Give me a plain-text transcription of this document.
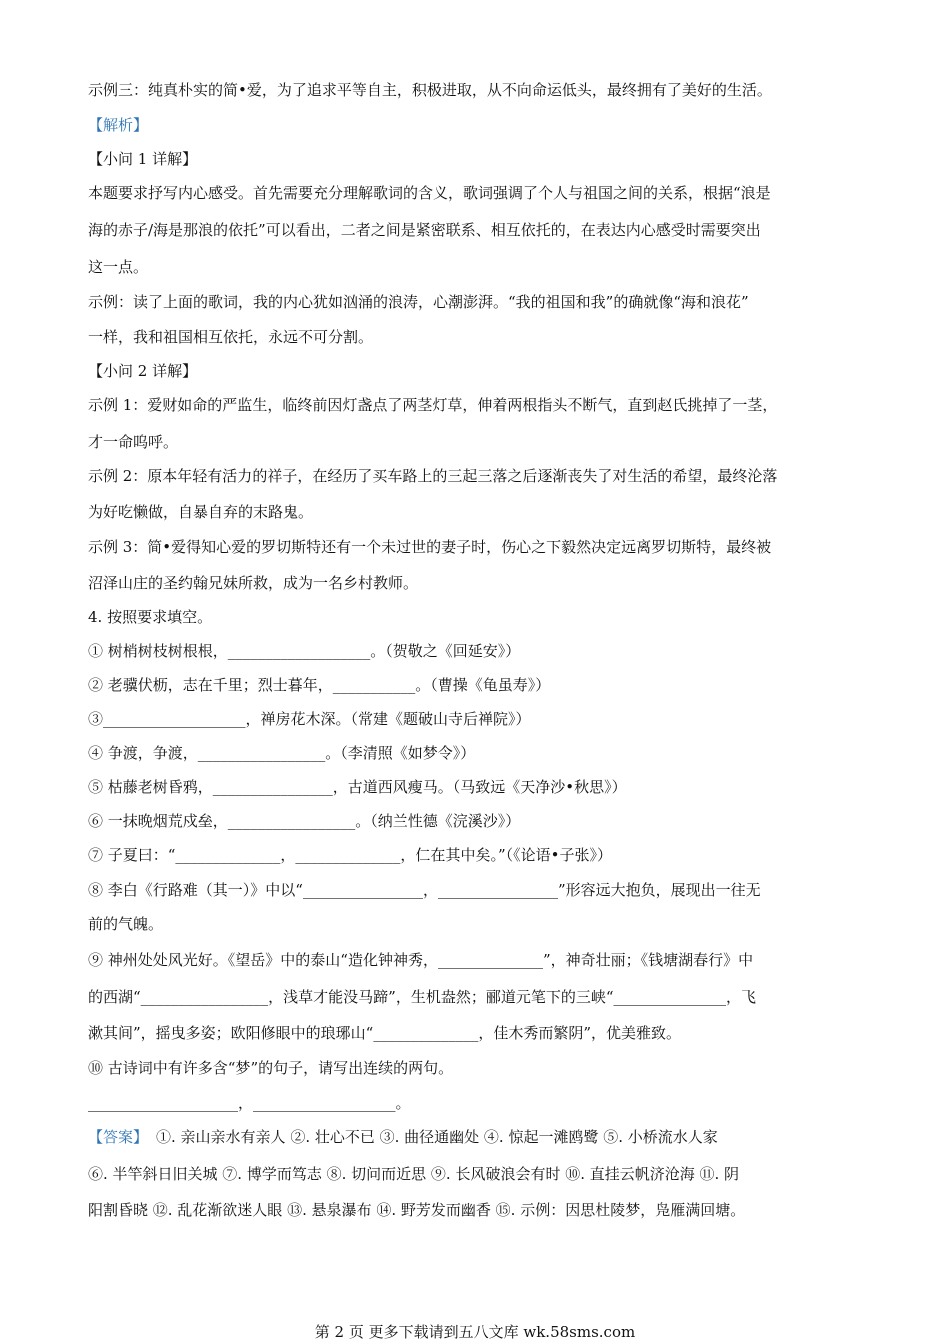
示例三：纯真朴实的简•爱，为了追求平等自主，积极进取，从不向命运低头，最终拥有了美好的生活。
【解析】
【小问 1 详解】
本题要求抒写内心感受。首先需要充分理解歌词的含义，歌词强调了个人与祖国之间的关系，根据“浪是
海的赤子/海是那浪的依托”可以看出，二者之间是紧密联系、相互依托的，在表达内心感受时需要突出
这一点。
示例：读了上面的歌词，我的内心犹如汹涌的浪涛，心潮澎湃。“我的祖国和我”的确就像“海和浪花”
一样，我和祖国相互依托，永远不可分割。
【小问 2 详解】
示例 1：爱财如命的严监生，临终前因灯盏点了两茎灯草，伸着两根指头不断气，直到赵氏挑掉了一茎，
才一命呜呼。
示例 2：原本年轻有活力的祥子，在经历了买车路上的三起三落之后逐渐丧失了对生活的希望，最终沦落
为好吃懒做，自暴自弃的末路鬼。
示例 3：简•爱得知心爱的罗切斯特还有一个未过世的妻子时，伤心之下毅然决定远离罗切斯特，最终被
沼泽山庄的圣约翰兄妹所救，成为一名乡村教师。
4. 按照要求填空。
① 树梢树枝树根根，___________________。（贺敬之《回延安》）
② 老骥伏枥，志在千里；烈士暮年，___________。（曹操《龟虽寿》）
③___________________，禅房花木深。（常建《题破山寺后禅院》）
④ 争渡，争渡，_________________。（李清照《如梦令》）
⑤ 枯藤老树昏鸦，________________，古道西风瘦马。（马致远《天净沙•秋思》）
⑥ 一抹晚烟荒戍垒，_________________。（纳兰性德《浣溪沙》）
⑦ 子夏曰：“______________，______________，仁在其中矣。”（《论语•子张》）
⑧ 李白《行路难（其一）》中以“________________，________________”形容远大抱负，展现出一往无
前的气魄。
⑨ 神州处处风光好。《望岳》中的泰山“造化钟神秀，______________”，神奇壮丽；《钱塘湖春行》中
的西湖“_________________，浅草才能没马蹄”，生机盎然；郦道元笔下的三峡“_______________，飞
漱其间”，摇曳多姿；欧阳修眼中的琅琊山“______________，佳木秀而繁阴”，优美雅致。
⑩ 古诗词中有许多含“梦”的句子，请写出连续的两句。
____________________，___________________。
【答案】 ①. 亲山亲水有亲人 ②. 壮心不已 ③. 曲径通幽处 ④. 惊起一滩鸥鹭 ⑤. 小桥流水人家
⑥. 半竿斜日旧关城 ⑦. 博学而笃志 ⑧. 切问而近思 ⑨. 长风破浪会有时 ⑩. 直挂云帆济沧海 ⑪. 阴
阳割昏晓 ⑫. 乱花渐欲迷人眼 ⑬. 悬泉瀑布 ⑭. 野芳发而幽香 ⑮. 示例：因思杜陵梦，凫雁满回塘。
第 2 页 更多下载请到五八文库 wk.58sms.com
